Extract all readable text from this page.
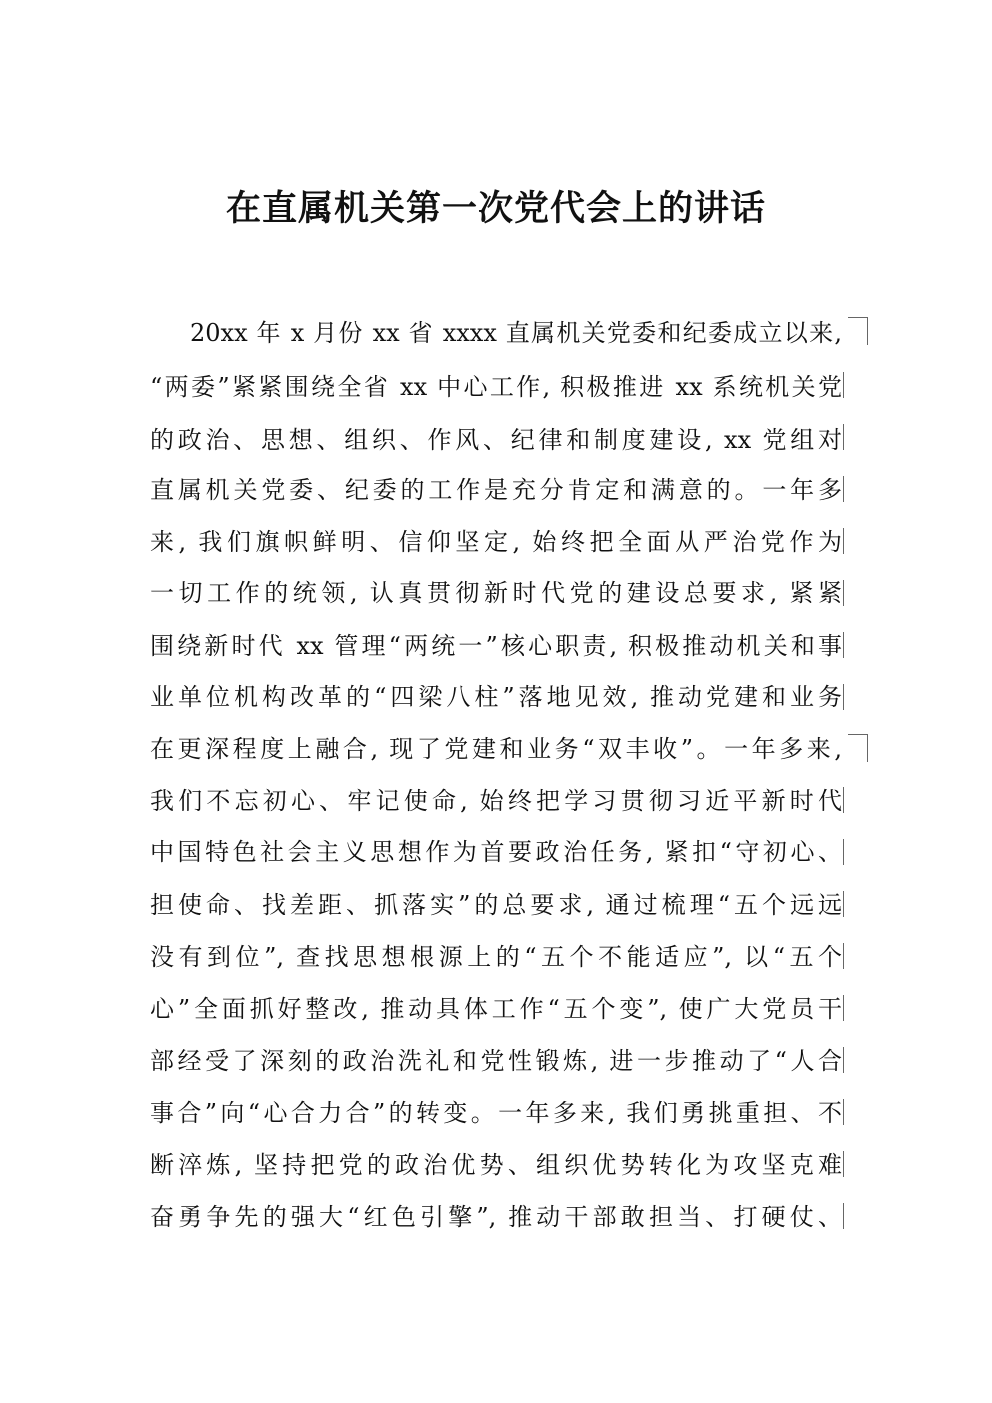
在直属机关第一次党代会上的讲话
20xx 年 x 月份 xx 省 xxxx 直属机关党委和纪委成立以来,
“两委”紧紧围绕全省 xx 中心工作, 积极推进 xx 系统机关党
的政治、思想、组织、作风、纪律和制度建设, xx 党组对
直属机关党委、纪委的工作是充分肯定和满意的。一年多
来, 我们旗帜鲜明、信仰坚定, 始终把全面从严治党作为
一切工作的统领, 认真贯彻新时代党的建设总要求, 紧紧
围绕新时代 xx 管理“两统一”核心职责, 积极推动机关和事
业单位机构改革的“四梁八柱”落地见效, 推动党建和业务
在更深程度上融合, 现了党建和业务“双丰收”。一年多来,
我们不忘初心、牢记使命, 始终把学习贯彻习近平新时代
中国特色社会主义思想作为首要政治任务, 紧扣“守初心、
担使命、找差距、抓落实”的总要求, 通过梳理“五个远远
没有到位”, 查找思想根源上的“五个不能适应”, 以“五个
心”全面抓好整改, 推动具体工作“五个变”, 使广大党员干
部经受了深刻的政治洗礼和党性锻炼, 进一步推动了“人合
事合”向“心合力合”的转变。一年多来, 我们勇挑重担、不
断淬炼, 坚持把党的政治优势、组织优势转化为攻坚克难
奋勇争先的强大“红色引擎”, 推动干部敢担当、打硬仗、
